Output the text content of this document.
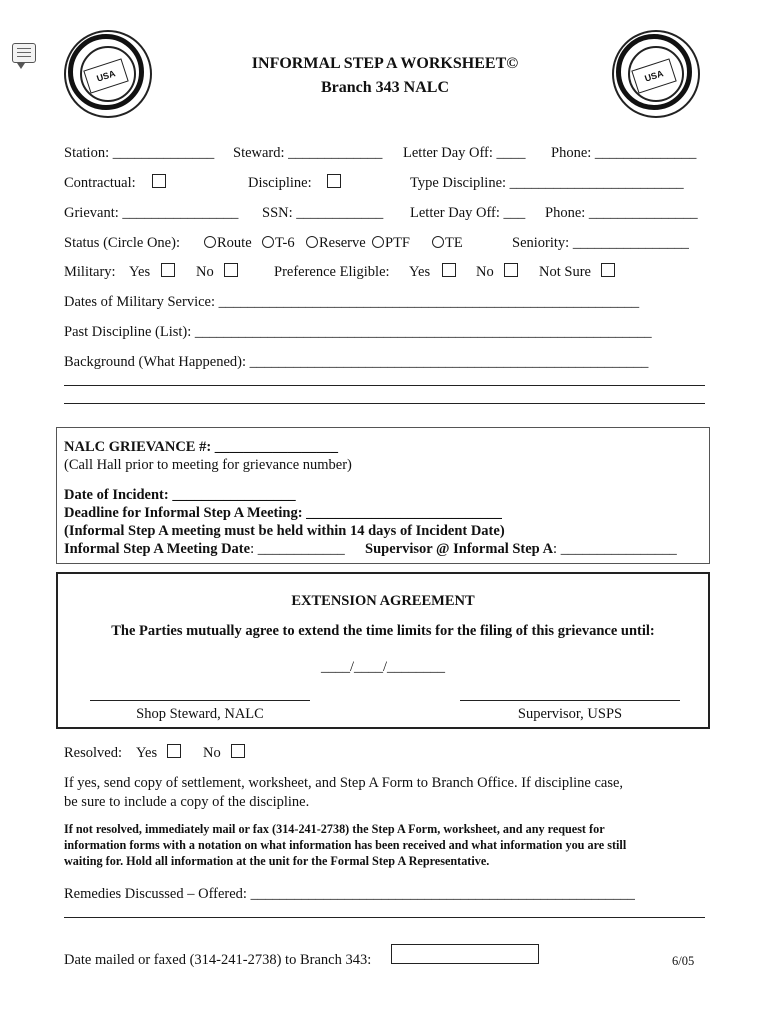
USA	USA
INFORMAL STEP A WORKSHEET©
Branch 343 NALC
Station: ______________ Steward: _____________ Letter Day Off: ____ Phone: ______________
Contractual:	Discipline:	Type Discipline: ________________________
Grievant: ________________ SSN: ____________ Letter Day Off: ___ Phone: _______________
Status (Circle One):	Route	T-6	Reserve	PTF	TE	Seniority: ________________
Military: Yes	No	Preference Eligible: Yes	No	Not Sure
Dates of Military Service: __________________________________________________________
Past Discipline (List): _______________________________________________________________
Background (What Happened): _______________________________________________________
NALC GRIEVANCE #: _________________
(Call Hall prior to meeting for grievance number)
Date of Incident: _________________
Deadline for Informal Step A Meeting: ___________________________
(Informal Step A meeting must be held within 14 days of Incident Date)
Informal Step A Meeting Date: ____________ Supervisor @ Informal Step A: ________________
EXTENSION AGREEMENT
The Parties mutually agree to extend the time limits for the filing of this grievance until:
____/____/________
Shop Steward, NALC	Supervisor, USPS
Resolved: Yes	No
If yes, send copy of settlement, worksheet, and Step A Form to Branch Office. If discipline case,
be sure to include a copy of the discipline.
If not resolved, immediately mail or fax (314-241-2738) the Step A Form, worksheet, and any request for
information forms with a notation on what information has been received and what information you are still
waiting for. Hold all information at the unit for the Formal Step A Representative.
Remedies Discussed – Offered: _____________________________________________________
Date mailed or faxed (314-241-2738) to Branch 343:	6/05
